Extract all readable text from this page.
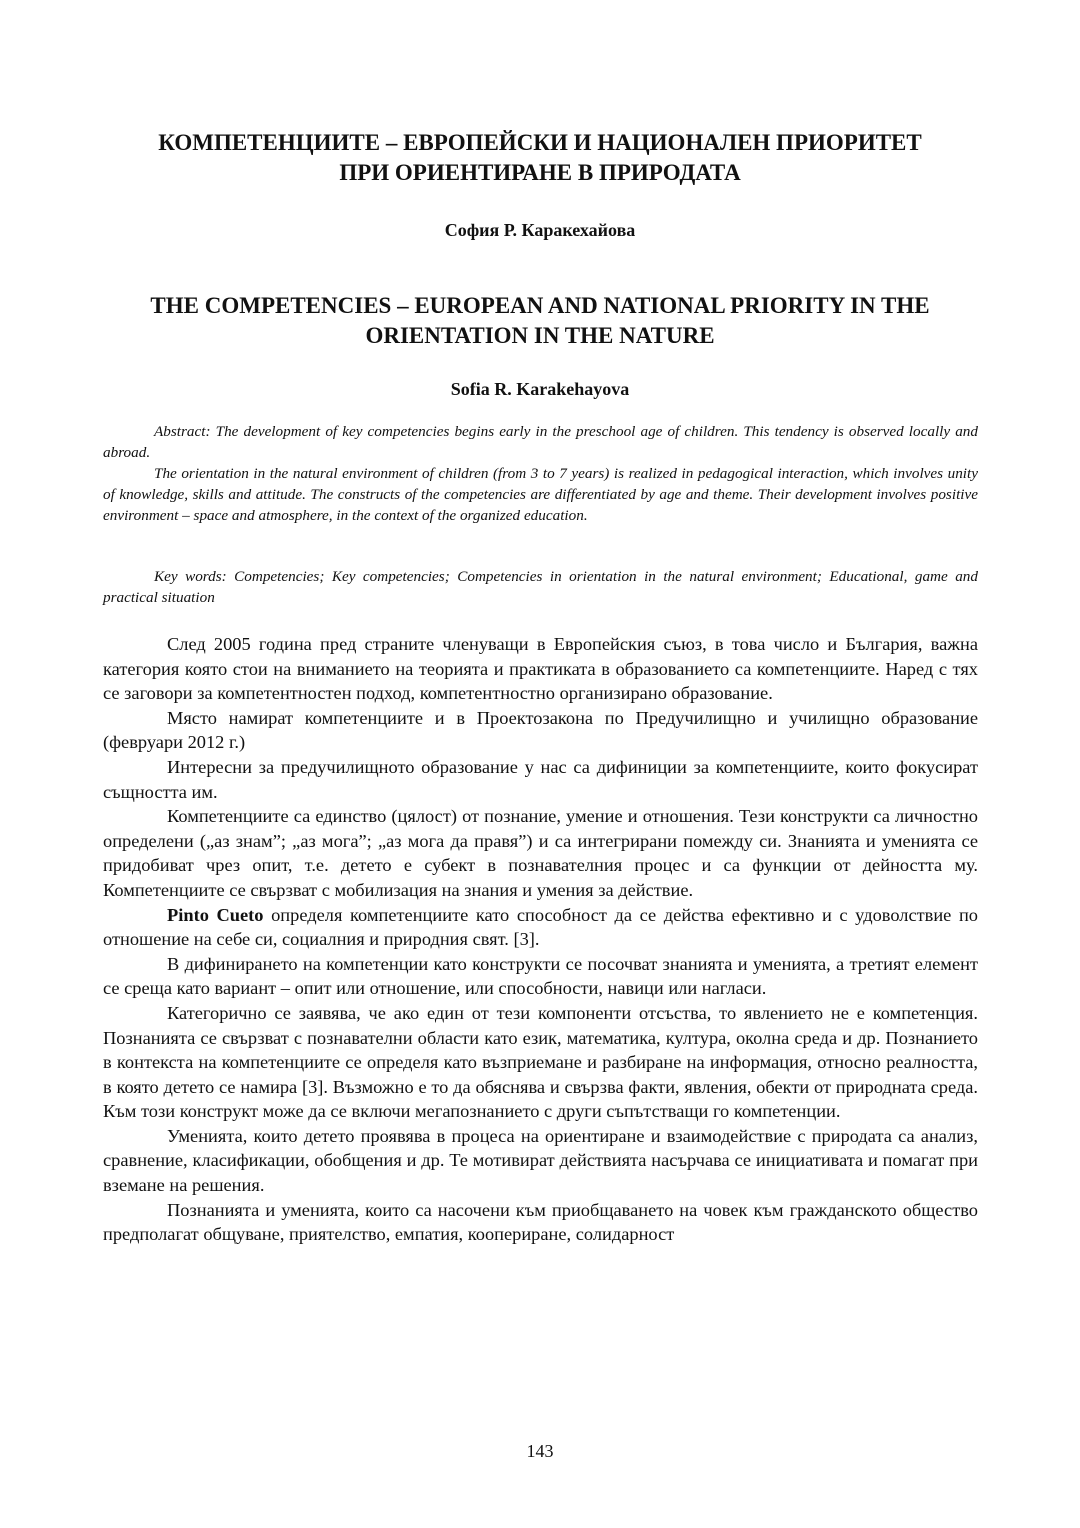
КОМПЕТЕНЦИИТЕ – ЕВРОПЕЙСКИ И НАЦИОНАЛЕН ПРИОРИТЕТ
ПРИ ОРИЕНТИРАНЕ В ПРИРОДАТА
София Р. Каракехайова
THE COMPETENCIES – EUROPEAN AND NATIONAL PRIORITY IN THE
ORIENTATION IN THE NATURE
Sofia R. Karakehayova

Abstract: The development of key competencies begins early in the preschool age of children. This tendency is observed locally and abroad.

The orientation in the natural environment of children (from 3 to 7 years) is realized in pedagogical interaction, which involves unity of knowledge, skills and attitude. The constructs of the competencies are differentiated by age and theme. Their development involves positive environment – space and atmosphere, in the context of the organized education.

Key words: Competencies; Key competencies; Competencies in orientation in the natural environment; Educational, game and practical situation

След 2005 година пред страните членуващи в Европейския съюз, в това число и България, важна категория която стои на вниманието на теорията и практиката в образованието са компетенциите. Наред с тях се заговори за компетентностен подход, компетентностно организирано образование.

Място намират компетенциите и в Проектозакона по Предучилищно и училищно образование (февруари 2012 г.)

Интересни за предучилищното образование у нас са дифиниции за компетенциите, които фокусират същността им.

Компетенциите са единство (цялост) от познание, умение и отношения. Тези конструкти са личностно определени („аз знам”; „аз мога”; „аз мога да правя”) и са интегрирани помежду си. Знанията и уменията се придобиват чрез опит, т.е. детето е субект в познавателния процес и са функции от дейността му. Компетенциите се свързват с мобилизация на знания и умения за действие.

Pinto Cueto определя компетенциите като способност да се действа ефективно и с удоволствие по отношение на себе си, социалния и природния свят. [3].

В дифинирането на компетенции като конструкти се посочват знанията и уменията, а третият елемент се среща като вариант – опит или отношение, или способности, навици или нагласи.

Категорично се заявява, че ако един от тези компоненти отсъства, то явлението не е компетенция. Познанията се свързват с познавателни области като език, математика, култура, околна среда и др. Познанието в контекста на компетенциите се определя като възприемане и разбиране на информация, относно реалността, в която детето се намира [3]. Възможно е то да обяснява и свързва факти, явления, обекти от природната среда. Към този конструкт може да се включи мегапознанието с други съпътстващи го компетенции.

Уменията, които детето проявява в процеса на ориентиране и взаимодействие с природата са анализ, сравнение, класификации, обобщения и др. Те мотивират действията насърчава се инициативата и помагат при вземане на решения.

Познанията и уменията, които са насочени към приобщаването на човек към гражданското общество предполагат общуване, приятелство, емпатия, коопериране, солидарност

143
